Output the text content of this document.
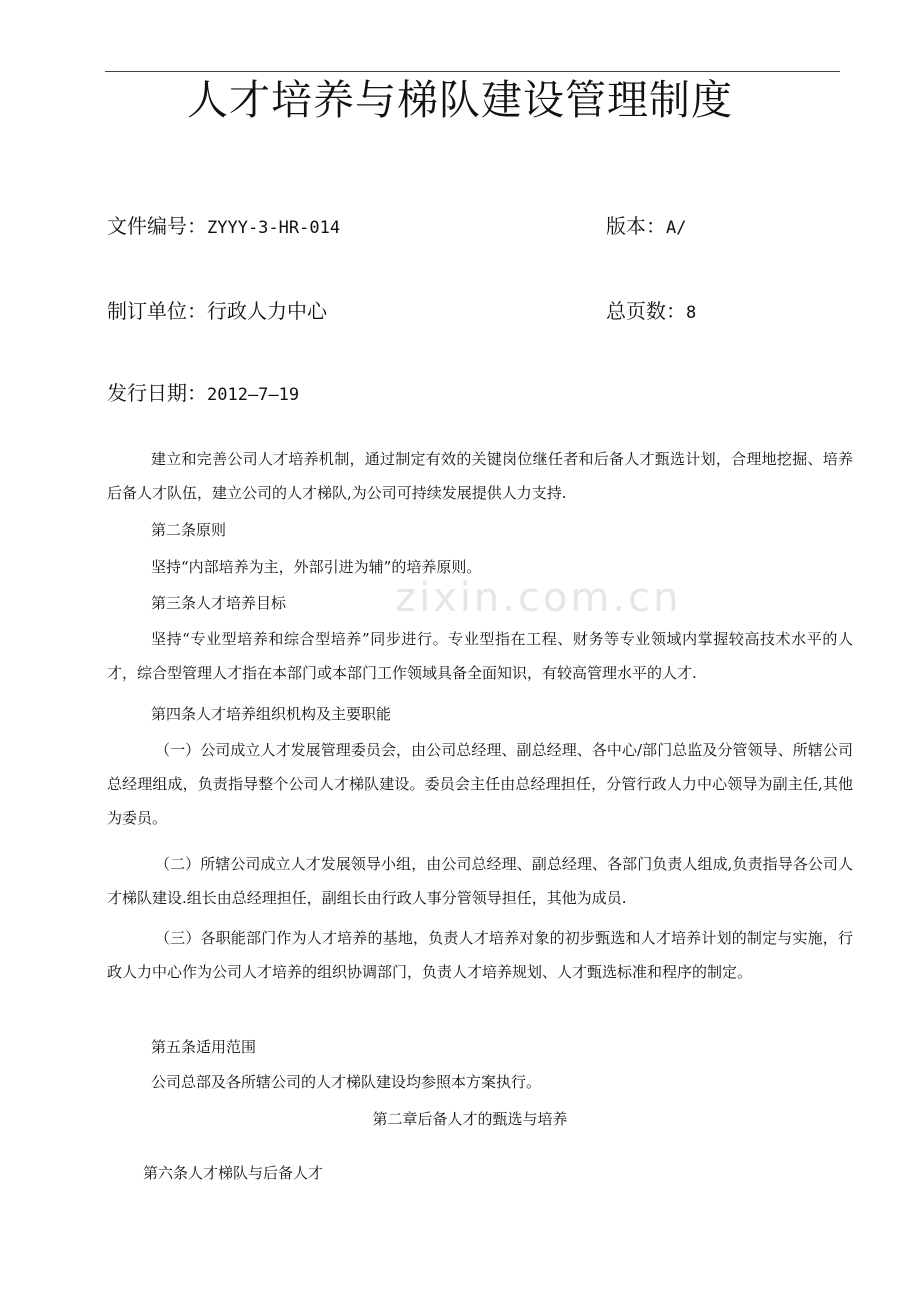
人才培养与梯队建设管理制度
文件编号：ZYYY-3-HR-014	版本：A/
制订单位：行政人力中心	总页数：8
发行日期：2012—7—19
zixin.com.cn
建立和完善公司人才培养机制，通过制定有效的关键岗位继任者和后备人才甄选计划，合理地挖掘、培养后备人才队伍，建立公司的人才梯队,为公司可持续发展提供人力支持.
第二条原则
坚持“内部培养为主，外部引进为辅”的培养原则。
第三条人才培养目标
坚持“专业型培养和综合型培养”同步进行。专业型指在工程、财务等专业领域内掌握较高技术水平的人才，综合型管理人才指在本部门或本部门工作领域具备全面知识，有较高管理水平的人才.
第四条人才培养组织机构及主要职能
（一）公司成立人才发展管理委员会，由公司总经理、副总经理、各中心/部门总监及分管领导、所辖公司总经理组成，负责指导整个公司人才梯队建设。委员会主任由总经理担任，分管行政人力中心领导为副主任,其他为委员。
（二）所辖公司成立人才发展领导小组，由公司总经理、副总经理、各部门负责人组成,负责指导各公司人才梯队建设.组长由总经理担任，副组长由行政人事分管领导担任，其他为成员.
（三）各职能部门作为人才培养的基地，负责人才培养对象的初步甄选和人才培养计划的制定与实施，行政人力中心作为公司人才培养的组织协调部门，负责人才培养规划、人才甄选标准和程序的制定。
第五条适用范围
公司总部及各所辖公司的人才梯队建设均参照本方案执行。
第二章后备人才的甄选与培养
第六条人才梯队与后备人才
